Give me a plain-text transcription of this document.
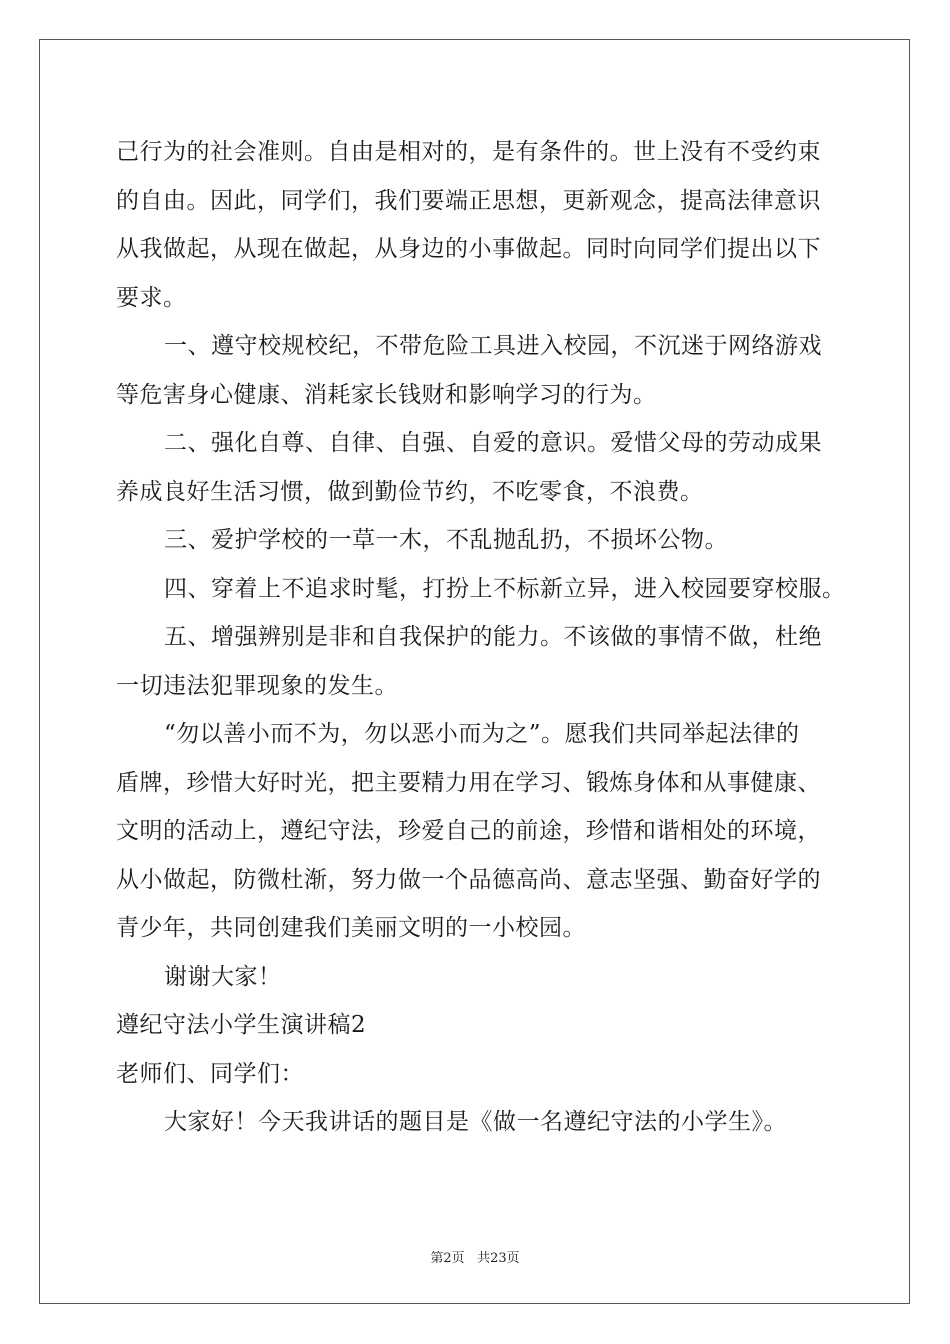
己行为的社会准则。自由是相对的，是有条件的。世上没有不受约束
的自由。因此，同学们，我们要端正思想，更新观念，提高法律意识
从我做起，从现在做起，从身边的小事做起。同时向同学们提出以下
要求。
一、遵守校规校纪，不带危险工具进入校园，不沉迷于网络游戏
等危害身心健康、消耗家长钱财和影响学习的行为。
二、强化自尊、自律、自强、自爱的意识。爱惜父母的劳动成果
养成良好生活习惯，做到勤俭节约，不吃零食，不浪费。
三、爱护学校的一草一木，不乱抛乱扔，不损坏公物。
四、穿着上不追求时髦，打扮上不标新立异，进入校园要穿校服。
五、增强辨别是非和自我保护的能力。不该做的事情不做，杜绝
一切违法犯罪现象的发生。
“勿以善小而不为，勿以恶小而为之”。愿我们共同举起法律的
盾牌，珍惜大好时光，把主要精力用在学习、锻炼身体和从事健康、
文明的活动上，遵纪守法，珍爱自己的前途，珍惜和谐相处的环境，
从小做起，防微杜渐，努力做一个品德高尚、意志坚强、勤奋好学的
青少年，共同创建我们美丽文明的一小校园。
谢谢大家！
遵纪守法小学生演讲稿2
老师们、同学们：
大家好！今天我讲话的题目是《做一名遵纪守法的小学生》。
第2页 共23页
